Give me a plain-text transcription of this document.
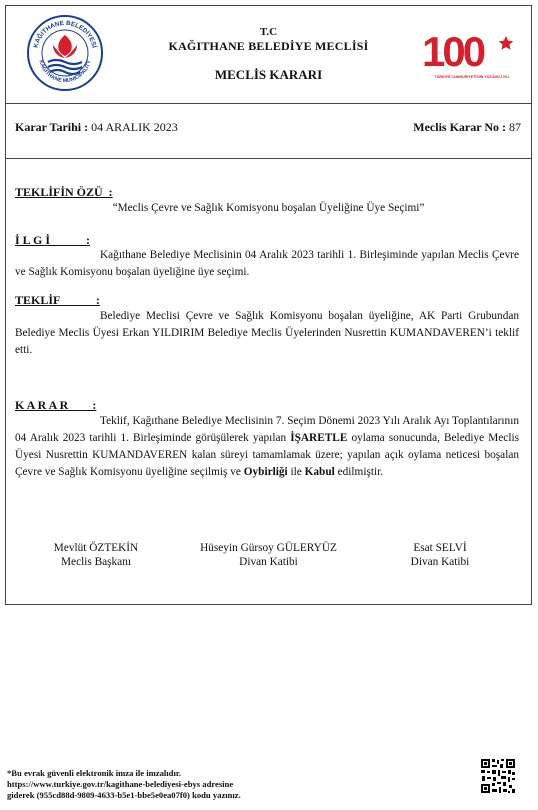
KAĞITHANE BELEDİYESİ
KAĞITHANE MUNICIPALITY
T.C
KAĞITHANE BELEDİYE MECLİSİ
MECLİS KARARI	100
TÜRKİYE CUMHURİYETİ'NİN YÜZÜNCÜ YILI
Karar Tarihi : 04 ARALIK 2023	Meclis Karar No : 87
TEKLİFİN ÖZÜ  :
“Meclis Çevre ve Sağlık Komisyonu boşalan Üyeliğine Üye Seçimi”
İ L G İ            :
Kağıthane Belediye Meclisinin 04 Aralık 2023 tarihli 1. Birleşiminde yapılan Meclis Çevre ve Sağlık Komisyonu boşalan üyeliğine üye seçimi.
TEKLİF            :
Belediye Meclisi Çevre ve Sağlık Komisyonu boşalan üyeliğine, AK Parti Grubundan Belediye Meclis Üyesi Erkan YILDIRIM Belediye Meclis Üyelerinden Nusrettin KUMANDAVEREN’i teklif etti.
K A R A R        :
Teklif, Kağıthane Belediye Meclisinin 7. Seçim Dönemi 2023 Yılı Aralık Ayı Toplantılarının 04 Aralık 2023 tarihli 1. Birleşiminde görüşülerek yapılan İŞARETLE oylama sonucunda, Belediye Meclis Üyesi Nusrettin KUMANDAVEREN kalan süreyi tamamlamak üzere; yapılan açık oylama neticesi boşalan Çevre ve Sağlık Komisyonu üyeliğine seçilmiş ve Oybirliği ile Kabul edilmiştir.
Mevlüt ÖZTEKİN
Meclis Başkanı
Hüseyin Gürsoy GÜLERYÜZ
Divan Katibi
Esat SELVİ
Divan Katibi
*Bu evrak güvenli elektronik imza ile imzalıdır.
https://www.turkiye.gov.tr/kagithane-belediyesi-ebys adresine
giderek (955cd88d-9809-4633-b5e1-bbe5e0ea07f0) kodu yazınız.
